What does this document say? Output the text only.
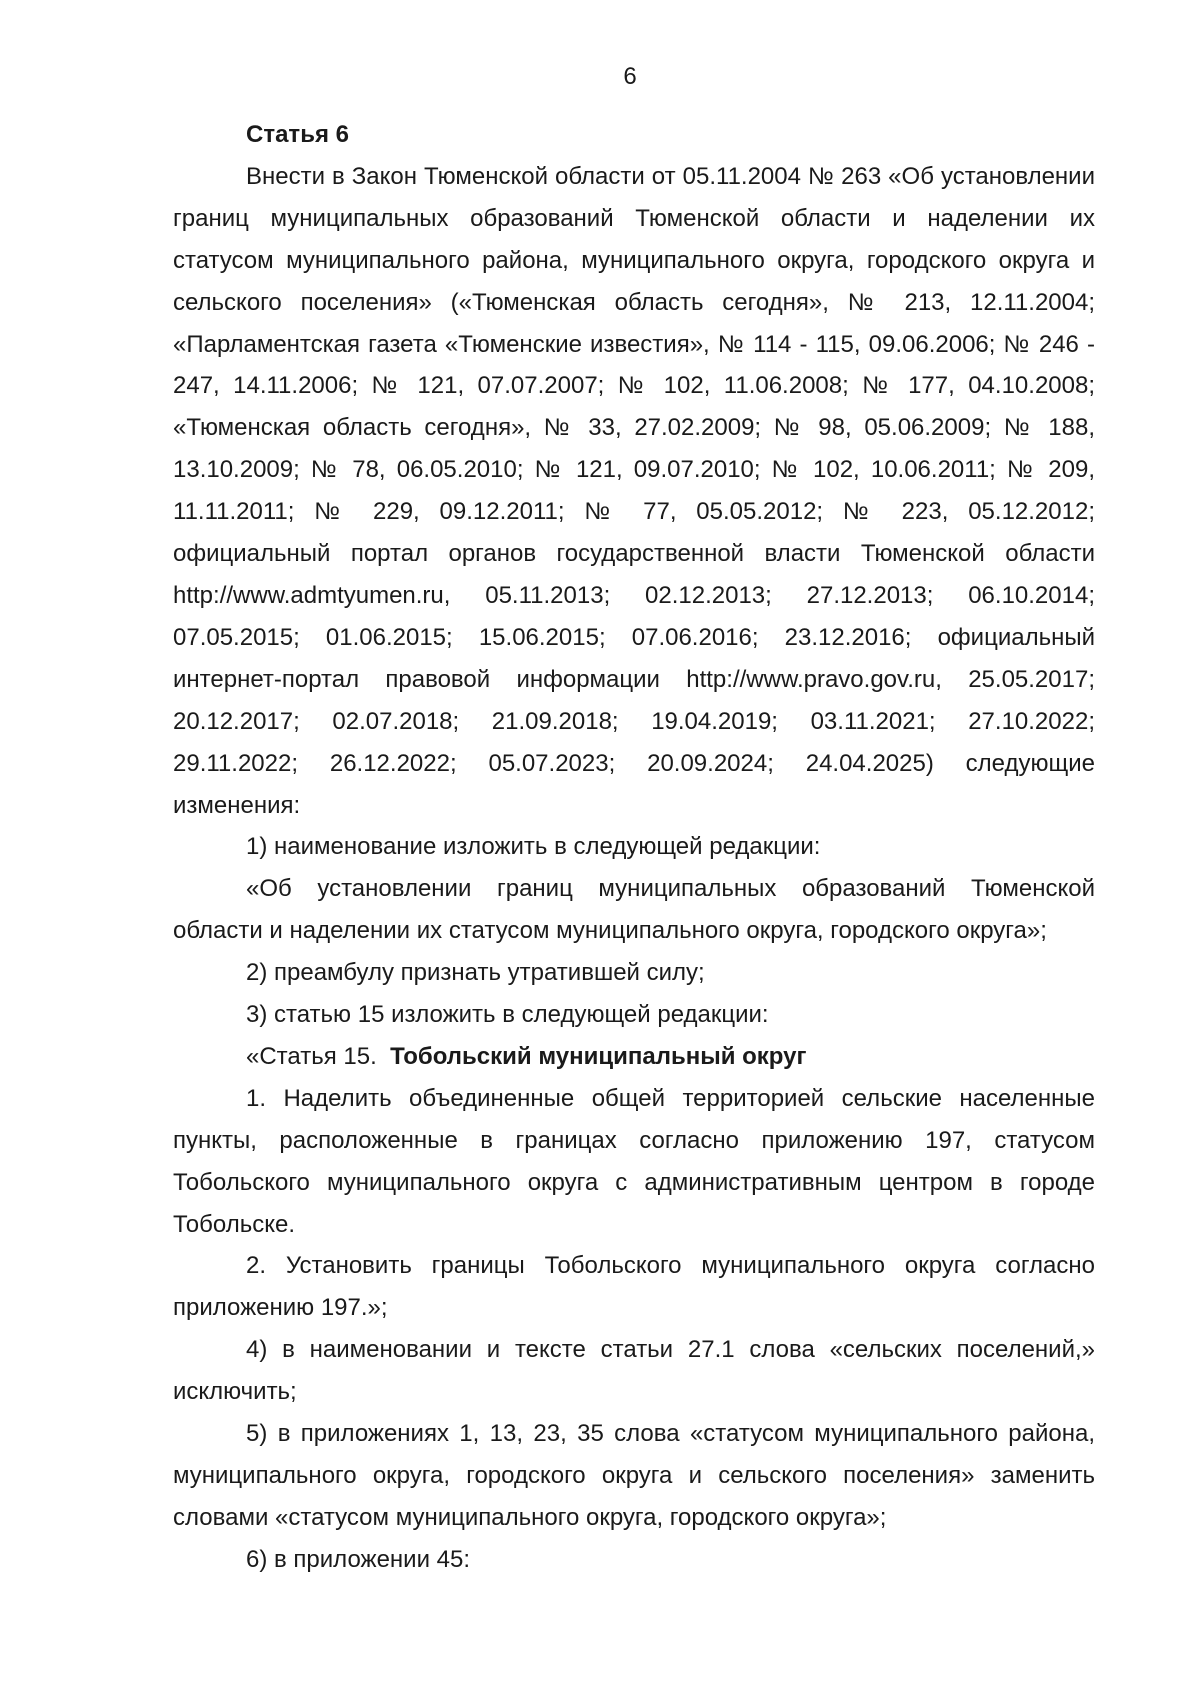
6

Статья 6

Внести в Закон Тюменской области от 05.11.2004 № 263 «Об установлении границ муниципальных образований Тюменской области и наделении их статусом муниципального района, муниципального округа, городского округа и сельского поселения» («Тюменская область сегодня», № 213, 12.11.2004; «Парламентская газета «Тюменские известия», № 114 - 115, 09.06.2006; № 246 - 247, 14.11.2006; № 121, 07.07.2007; № 102, 11.06.2008; № 177, 04.10.2008; «Тюменская область сегодня», № 33, 27.02.2009; № 98, 05.06.2009; № 188, 13.10.2009; № 78, 06.05.2010; № 121, 09.07.2010; № 102, 10.06.2011; № 209, 11.11.2011; № 229, 09.12.2011; № 77, 05.05.2012; № 223, 05.12.2012; официальный портал органов государственной власти Тюменской области http://www.admtyumen.ru, 05.11.2013; 02.12.2013; 27.12.2013; 06.10.2014; 07.05.2015; 01.06.2015; 15.06.2015; 07.06.2016; 23.12.2016; официальный интернет-портал правовой информации http://www.pravo.gov.ru, 25.05.2017; 20.12.2017; 02.07.2018; 21.09.2018; 19.04.2019; 03.11.2021; 27.10.2022; 29.11.2022; 26.12.2022; 05.07.2023; 20.09.2024; 24.04.2025) следующие изменения:

1) наименование изложить в следующей редакции:

«Об установлении границ муниципальных образований Тюменской области и наделении их статусом муниципального округа, городского округа»;

2) преамбулу признать утратившей силу;

3) статью 15 изложить в следующей редакции:

«Статья 15. Тобольский муниципальный округ

1. Наделить объединенные общей территорией сельские населенные пункты, расположенные в границах согласно приложению 197, статусом Тобольского муниципального округа с административным центром в городе Тобольске.

2. Установить границы Тобольского муниципального округа согласно приложению 197.»;

4) в наименовании и тексте статьи 27.1 слова «сельских поселений,» исключить;

5) в приложениях 1, 13, 23, 35 слова «статусом муниципального района, муниципального округа, городского округа и сельского поселения» заменить словами «статусом муниципального округа, городского округа»;

6) в приложении 45:
